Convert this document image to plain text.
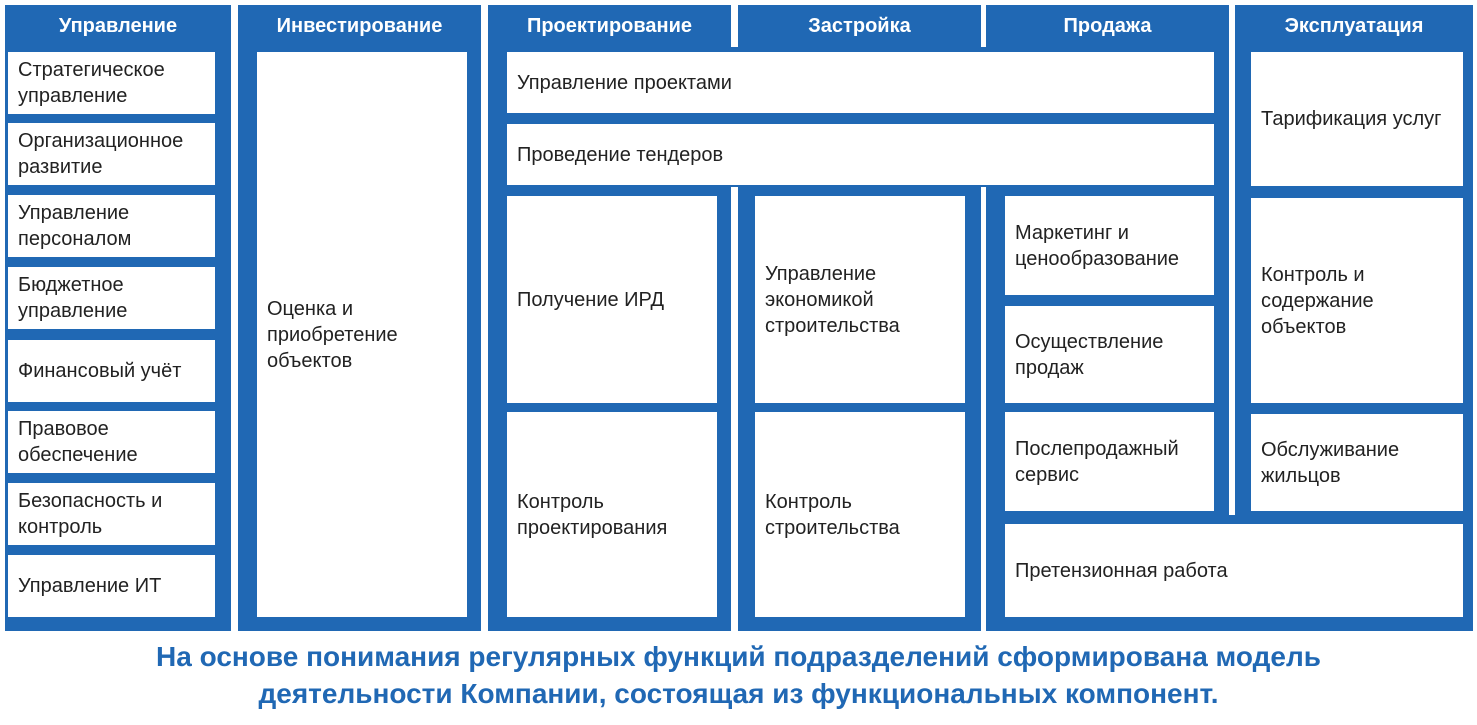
Управление	Инвестирование	Проектирование	Застройка	Продажа	Эксплуатация
Стратегическое управление
Организационное развитие
Управление персоналом
Бюджетное управление
Финансовый учёт
Правовое обеспечение
Безопасность и контроль
Управление ИТ
Оценка и приобретение объектов
Управление проектами
Проведение тендеров
Получение ИРД
Контроль проектирования
Управление экономикой строительства
Контроль строительства
Маркетинг и ценообразование
Осуществление продаж
Послепродажный сервис
Тарификация услуг
Контроль и содержание объектов
Обслуживание жильцов
Претензионная работа
На основе понимания регулярных функций подразделений сформирована модель
деятельности Компании, состоящая из функциональных компонент.
